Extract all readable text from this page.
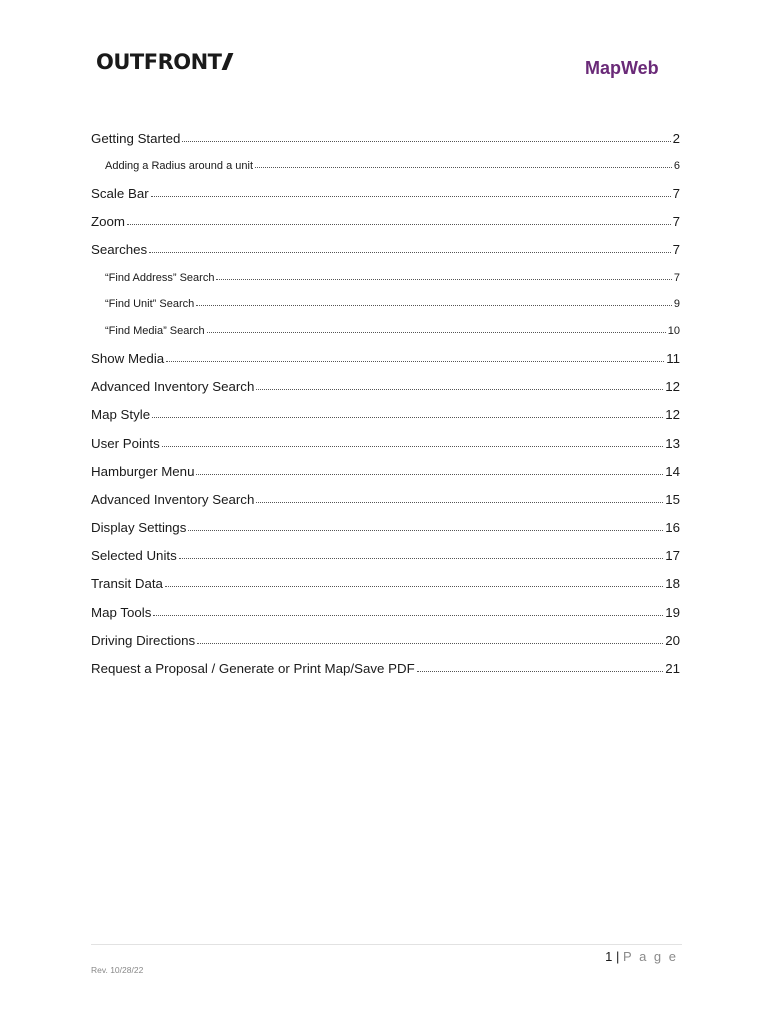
OUTFRONT	MapWeb
Getting Started	2
Adding a Radius around a unit	6
Scale Bar	7
Zoom	7
Searches	7
“Find Address” Search	7
“Find Unit” Search	9
“Find Media” Search	10
Show Media	11
Advanced Inventory Search	12
Map Style	12
User Points	13
Hamburger Menu	14
Advanced Inventory Search	15
Display Settings	16
Selected Units	17
Transit Data	18
Map Tools	19
Driving Directions	20
Request a Proposal / Generate or Print Map/Save PDF	21
1 | P a g e
Rev. 10/28/22
